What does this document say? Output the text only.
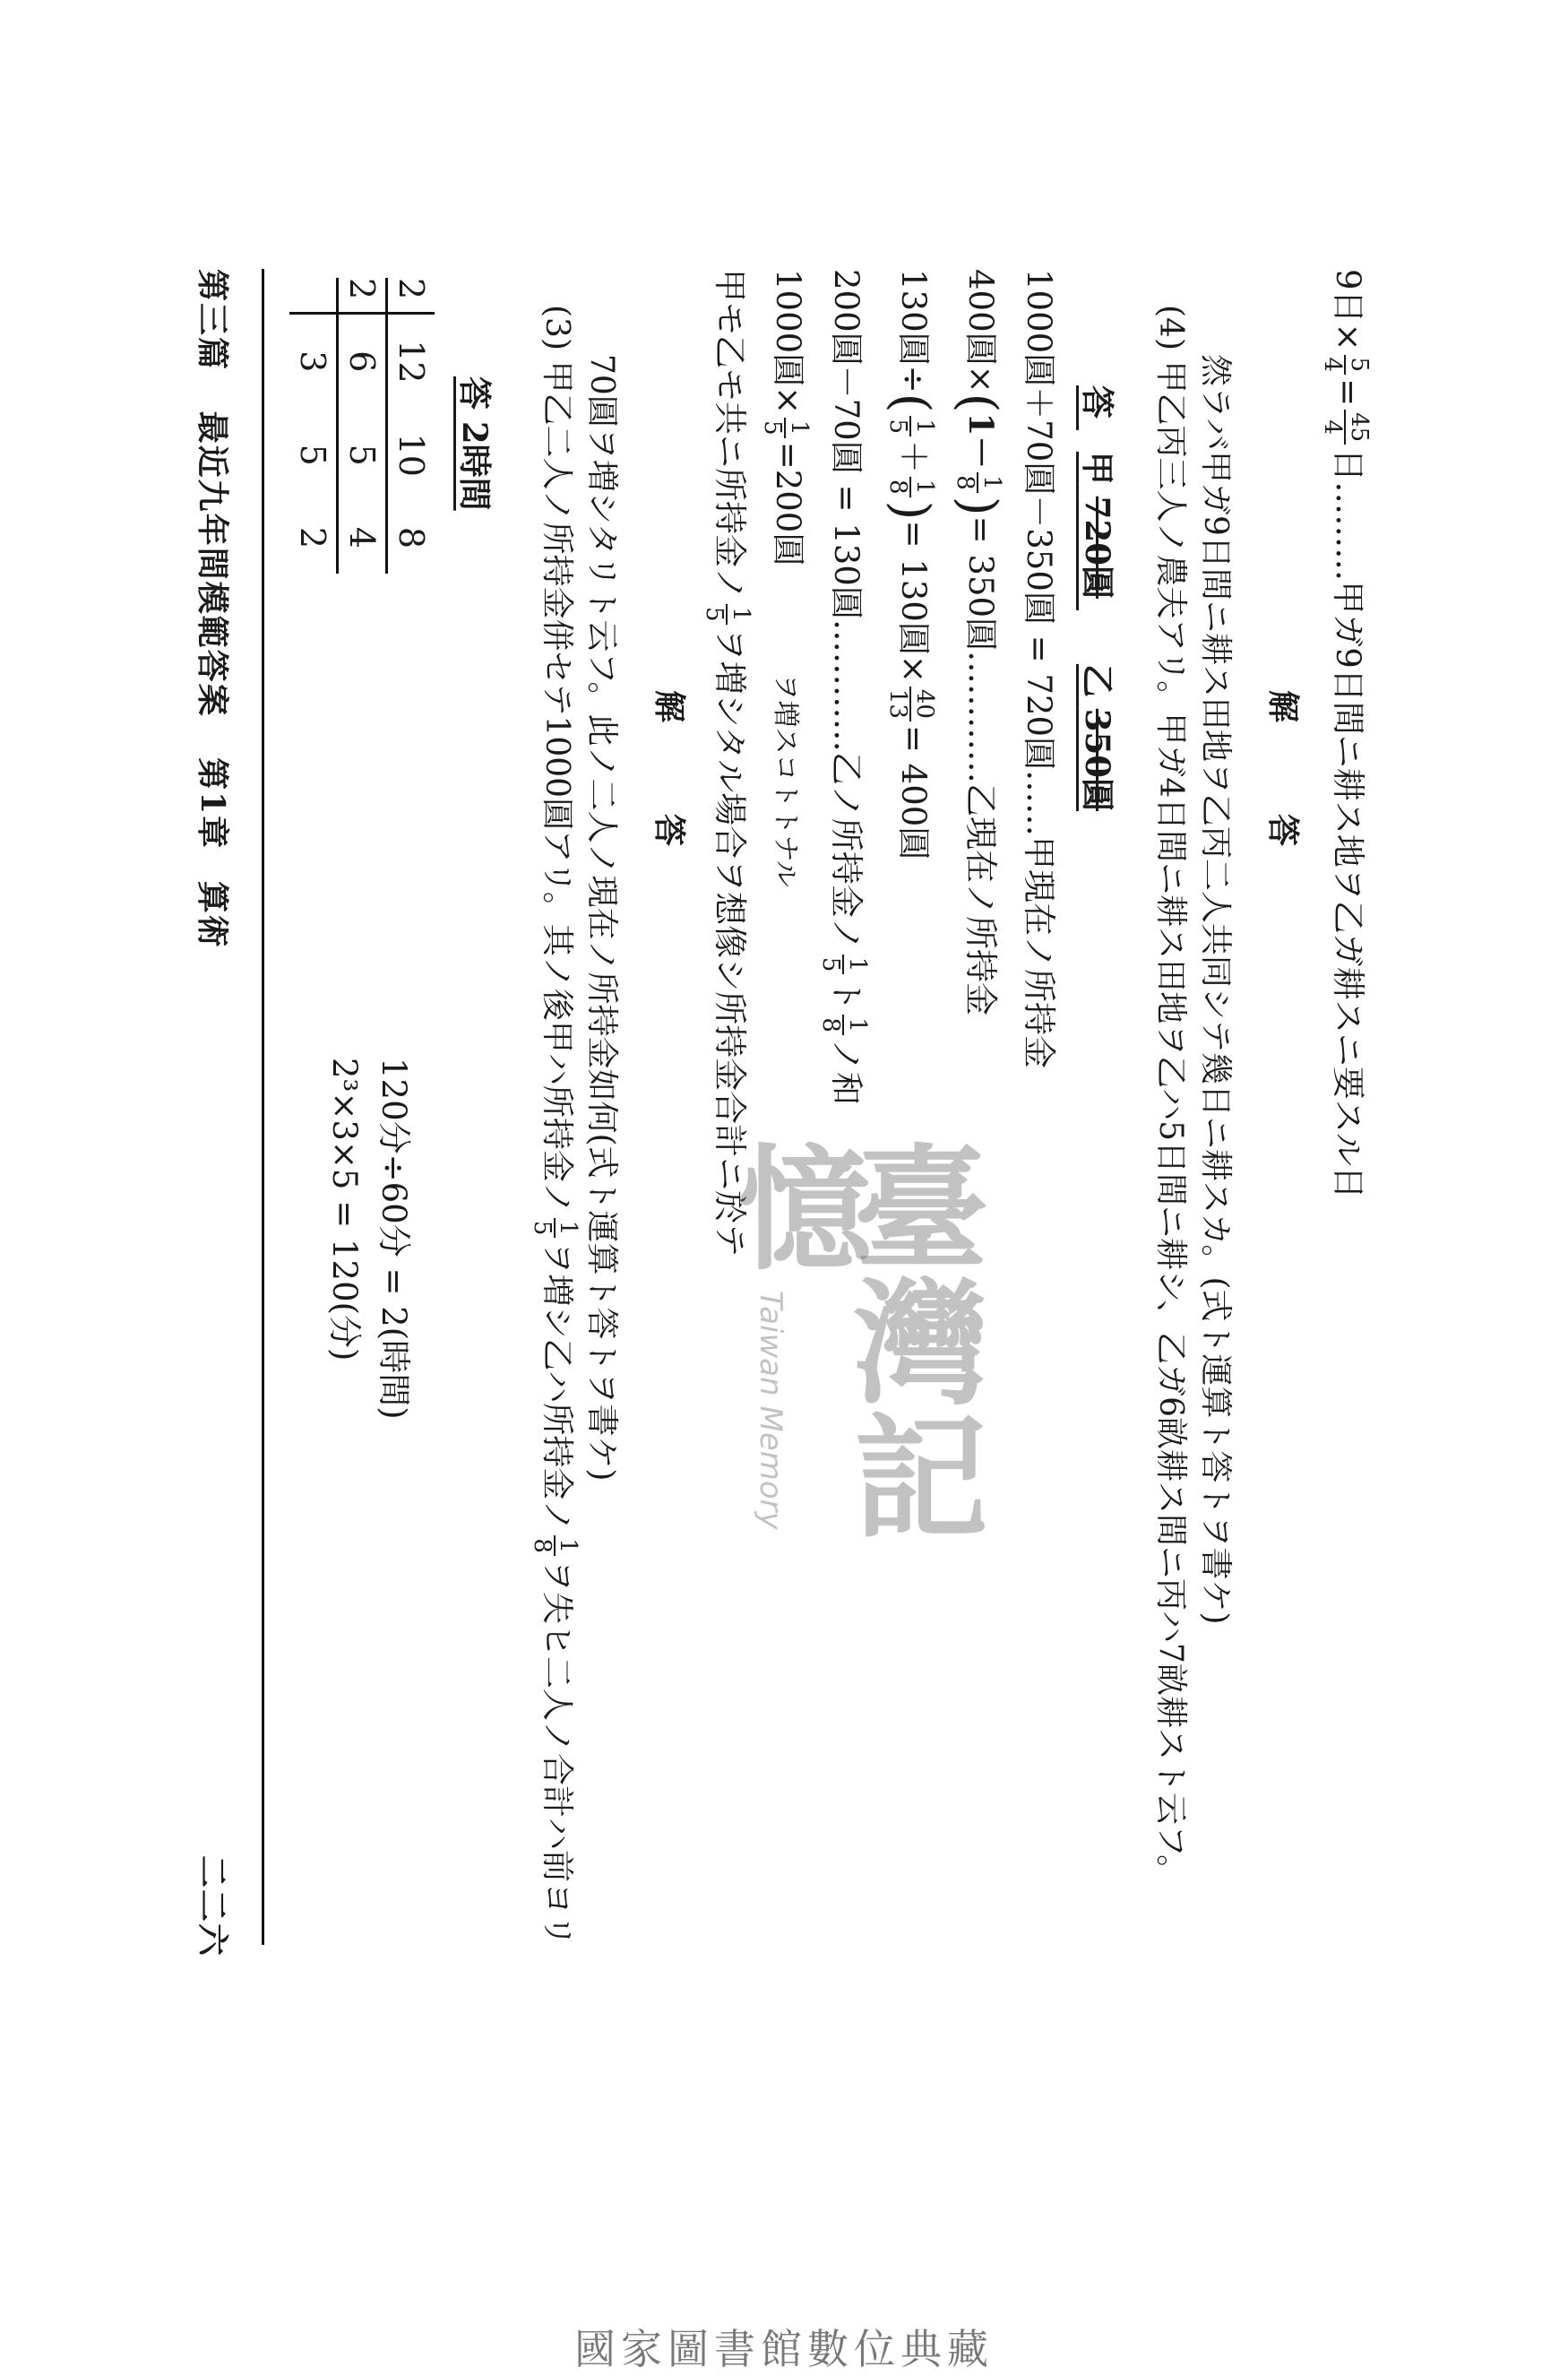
第三篇 最近九年間模範答案 第1章 算術
二二六
2	12	10	8
2	6	5	4
	3	5	2
2³×3×5 = 120(分) 120分÷60分 = 2(時間)
答 2時間
(3) 甲乙二人ノ所持金併セテ1000圓アリ。其ノ後甲ハ所持金ノ
1
5
ヲ増シ乙ハ所持金ノ
1
8
ヲ失ヒ二人ノ合計ハ前ヨリ
70圓ヲ増シタリト云フ。此ノ二人ノ現在ノ所持金如何(式ト運算ト答トヲ書ケ) 解　　答
甲モ乙モ共ニ所持金ノ
1
5
ヲ増シタル場合ヲ想像シ所持金合計ニ於テ
1000圓×
1
5
=200圓ヲ増スコトトナル
200圓－70圓 = 130圓…………乙ノ所持金ノ
1
5
ト
1
8
ノ和
130圓÷(
1
5
＋
1
8
)= 130圓×
40
13
= 400圓
400圓×(1－
1
8
)= 350圓…………乙現在ノ所持金 1000圓＋70圓－350圓 = 720圓……甲現在ノ所持金 答 甲 720圓 乙 350圓
(4) 甲乙丙三人ノ農夫アリ。甲ガ4日間ニ耕ス田地ヲ乙ハ5日間ニ耕シ、乙ガ6畝耕ス間ニ丙ハ7畝耕スト云フ。 然ラバ甲ガ9日間ニ耕ス田地ヲ乙丙二人共同シテ幾日ニ耕スカ。(式ト運算ト答トヲ書ケ) 解　　答
9日×
5
4
=
45
4
日………甲ガ9日間ニ耕ス地ヲ乙ガ耕スニ要スル日
臺灣記憶
Taiwan Memory
國家圖書館數位典藏
